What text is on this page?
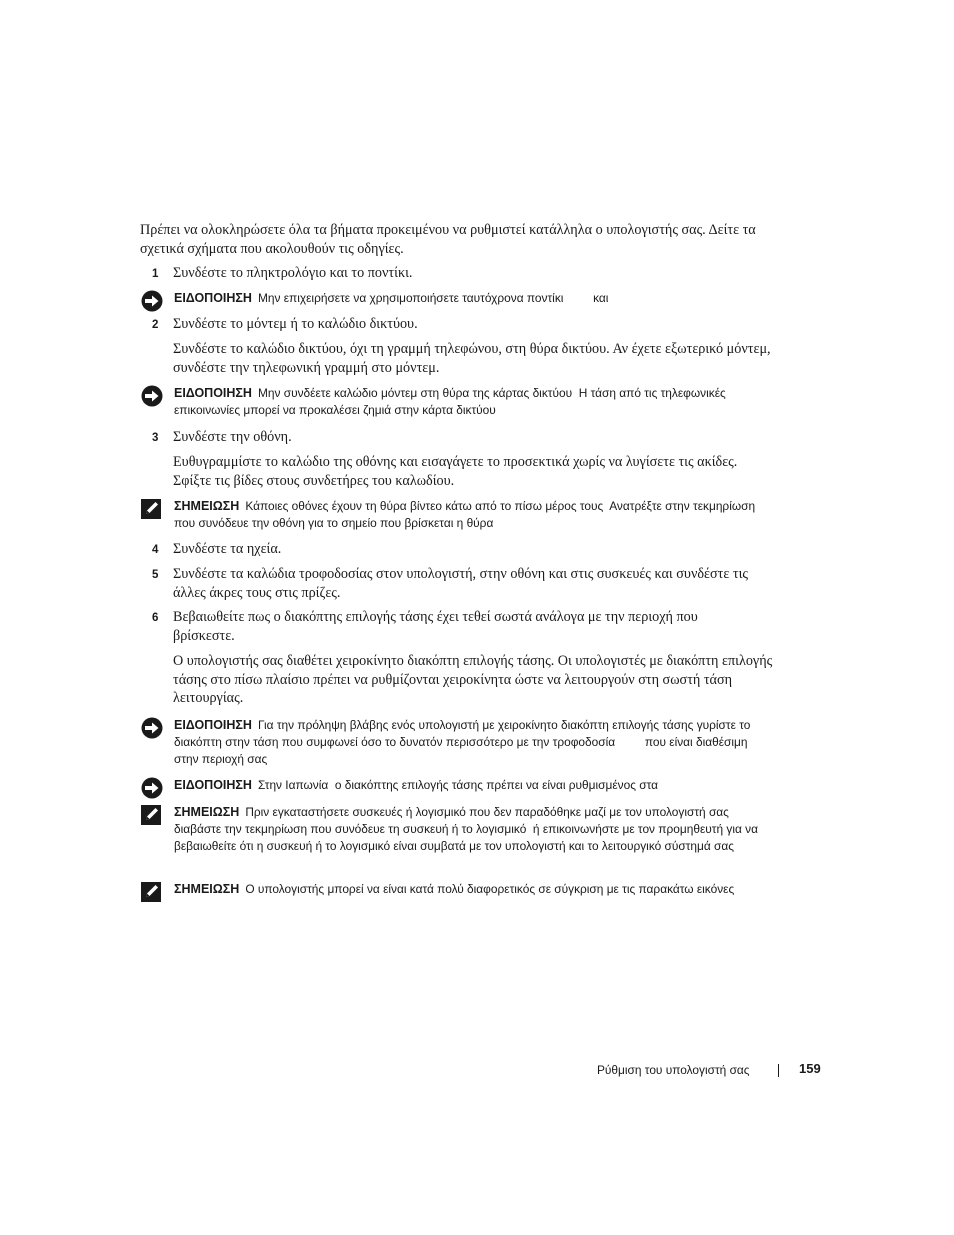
Πρέπει να ολοκληρώσετε όλα τα βήματα προκειμένου να ρυθμιστεί κατάλληλα ο υπολογιστής σας. Δείτε τα σχετικά σχήματα που ακολουθούν τις οδηγίες.
1 Συνδέστε το πληκτρολόγιο και το ποντίκι.
ΕΙΔΟΠΟΙΗΣΗ Μην επιχειρήσετε να χρησιμοποιήσετε ταυτόχρονα ποντίκι         και
2 Συνδέστε το μόντεμ ή το καλώδιο δικτύου.
Συνδέστε το καλώδιο δικτύου, όχι τη γραμμή τηλεφώνου, στη θύρα δικτύου. Αν έχετε εξωτερικό μόντεμ, συνδέστε την τηλεφωνική γραμμή στο μόντεμ.
ΕΙΔΟΠΟΙΗΣΗ Μην συνδέετε καλώδιο μόντεμ στη θύρα της κάρτας δικτύου  Η τάση από τις τηλεφωνικές επικοινωνίες μπορεί να προκαλέσει ζημιά στην κάρτα δικτύου
3 Συνδέστε την οθόνη.
Ευθυγραμμίστε το καλώδιο της οθόνης και εισαγάγετε το προσεκτικά χωρίς να λυγίσετε τις ακίδες. Σφίξτε τις βίδες στους συνδετήρες του καλωδίου.
ΣΗΜΕΙΩΣΗ Κάποιες οθόνες έχουν τη θύρα βίντεο κάτω από το πίσω μέρος τους  Ανατρέξτε στην τεκμηρίωση που συνόδευε την οθόνη για το σημείο που βρίσκεται η θύρα
4 Συνδέστε τα ηχεία.
5 Συνδέστε τα καλώδια τροφοδοσίας στον υπολογιστή, στην οθόνη και στις συσκευές και συνδέστε τις άλλες άκρες τους στις πρίζες.
6 Βεβαιωθείτε πως ο διακόπτης επιλογής τάσης έχει τεθεί σωστά ανάλογα με την περιοχή που βρίσκεστε.
Ο υπολογιστής σας διαθέτει χειροκίνητο διακόπτη επιλογής τάσης. Οι υπολογιστές με διακόπτη επιλογής τάσης στο πίσω πλαίσιο πρέπει να ρυθμίζονται χειροκίνητα ώστε να λειτουργούν στη σωστή τάση λειτουργίας.
ΕΙΔΟΠΟΙΗΣΗ Για την πρόληψη βλάβης ενός υπολογιστή με χειροκίνητο διακόπτη επιλογής τάσης γυρίστε το διακόπτη στην τάση που συμφωνεί όσο το δυνατόν περισσότερο με την τροφοδοσία         που είναι διαθέσιμη στην περιοχή σας
ΕΙΔΟΠΟΙΗΣΗ Στην Ιαπωνία  ο διακόπτης επιλογής τάσης πρέπει να είναι ρυθμισμένος στα
ΣΗΜΕΙΩΣΗ Πριν εγκαταστήσετε συσκευές ή λογισμικό που δεν παραδόθηκε μαζί με τον υπολογιστή σας  διαβάστε την τεκμηρίωση που συνόδευε τη συσκευή ή το λογισμικό  ή επικοινωνήστε με τον προμηθευτή για να βεβαιωθείτε ότι η συσκευή ή το λογισμικό είναι συμβατά με τον υπολογιστή και το λειτουργικό σύστημά σας
ΣΗΜΕΙΩΣΗ Ο υπολογιστής μπορεί να είναι κατά πολύ διαφορετικός σε σύγκριση με τις παρακάτω εικόνες
Ρύθμιση του υπολογιστή σας	159
